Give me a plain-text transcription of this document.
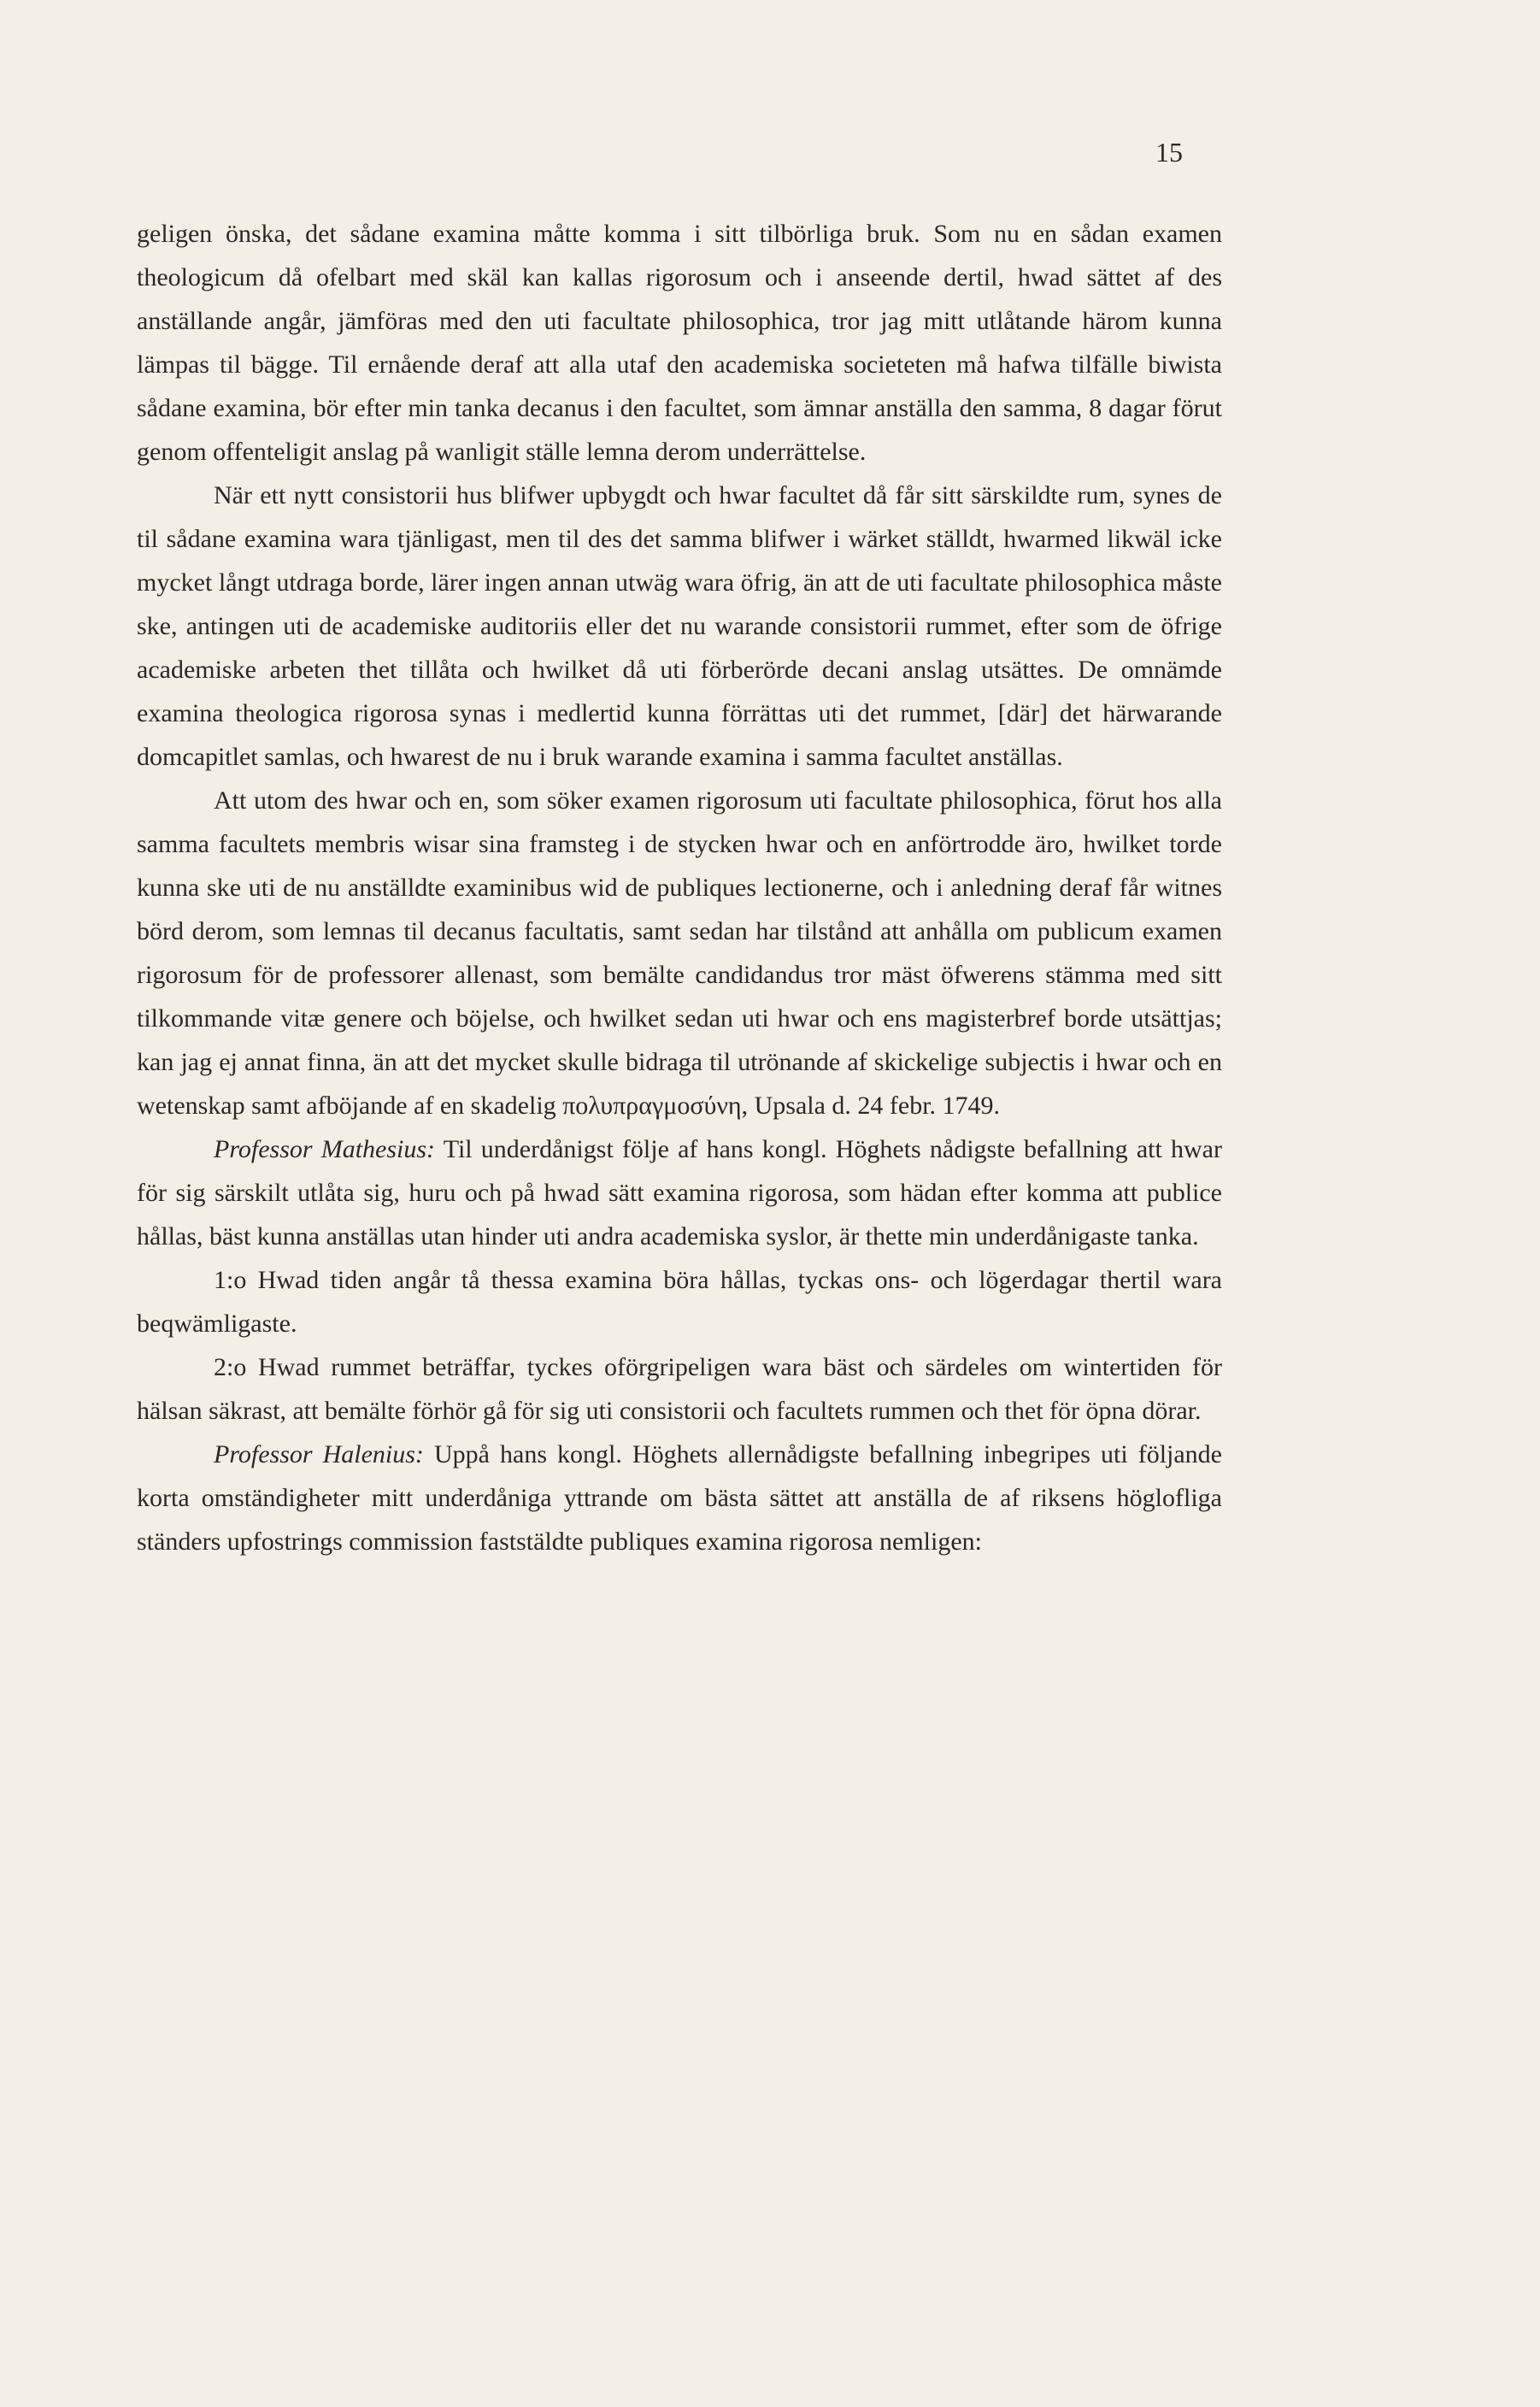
15

geligen önska, det sådane examina måtte komma i sitt tilbörliga bruk. Som nu en sådan examen theologicum då ofelbart med skäl kan kallas rigorosum och i anseende dertil, hwad sättet af des anställande angår, jämföras med den uti facultate philosophica, tror jag mitt utlåtande härom kunna lämpas til bägge. Til ernående deraf att alla utaf den academiska societeten må hafwa tilfälle biwista sådane examina, bör efter min tanka decanus i den facultet, som ämnar anställa den samma, 8 dagar förut genom offenteligit anslag på wanligit ställe lemna derom underrättelse.

När ett nytt consistorii hus blifwer upbygdt och hwar facultet då får sitt särskildte rum, synes de til sådane examina wara tjänligast, men til des det samma blifwer i wärket ställdt, hwarmed likwäl icke mycket långt utdraga borde, lärer ingen annan utwäg wara öfrig, än att de uti facultate philosophica måste ske, antingen uti de academiske auditoriis eller det nu warande consistorii rummet, efter som de öfrige academiske arbeten thet tillåta och hwilket då uti förberörde decani anslag utsättes. De omnämde examina theologica rigorosa synas i medlertid kunna förrättas uti det rummet, [där] det härwarande domcapitlet samlas, och hwarest de nu i bruk warande examina i samma facultet anställas.

Att utom des hwar och en, som söker examen rigorosum uti facultate philosophica, förut hos alla samma facultets membris wisar sina framsteg i de stycken hwar och en anförtrodde äro, hwilket torde kunna ske uti de nu anställdte examinibus wid de publiques lectionerne, och i anledning deraf får witnes börd derom, som lemnas til decanus facultatis, samt sedan har tilstånd att anhålla om publicum examen rigorosum för de professorer allenast, som bemälte candidandus tror mäst öfwerens stämma med sitt tilkommande vitæ genere och böjelse, och hwilket sedan uti hwar och ens magisterbref borde utsättjas; kan jag ej annat finna, än att det mycket skulle bidraga til utrönande af skickelige subjectis i hwar och en wetenskap samt afböjande af en skadelig πολυπραγμοσύνη, Upsala d. 24 febr. 1749.

Professor Mathesius: Til underdånigst följe af hans kongl. Höghets nådigste befallning att hwar för sig särskilt utlåta sig, huru och på hwad sätt examina rigorosa, som hädan efter komma att publice hållas, bäst kunna anställas utan hinder uti andra academiska syslor, är thette min underdånigaste tanka.

1:o Hwad tiden angår tå thessa examina böra hållas, tyckas ons- och lögerdagar thertil wara beqwämligaste.

2:o Hwad rummet beträffar, tyckes oförgripeligen wara bäst och särdeles om wintertiden för hälsan säkrast, att bemälte förhör gå för sig uti consistorii och facultets rummen och thet för öpna dörar.

Professor Halenius: Uppå hans kongl. Höghets allernådigste befallning inbegripes uti följande korta omständigheter mitt underdåniga yttrande om bästa sättet att anställa de af riksens höglofliga ständers upfostrings commission faststäldte publiques examina rigorosa nemligen:
